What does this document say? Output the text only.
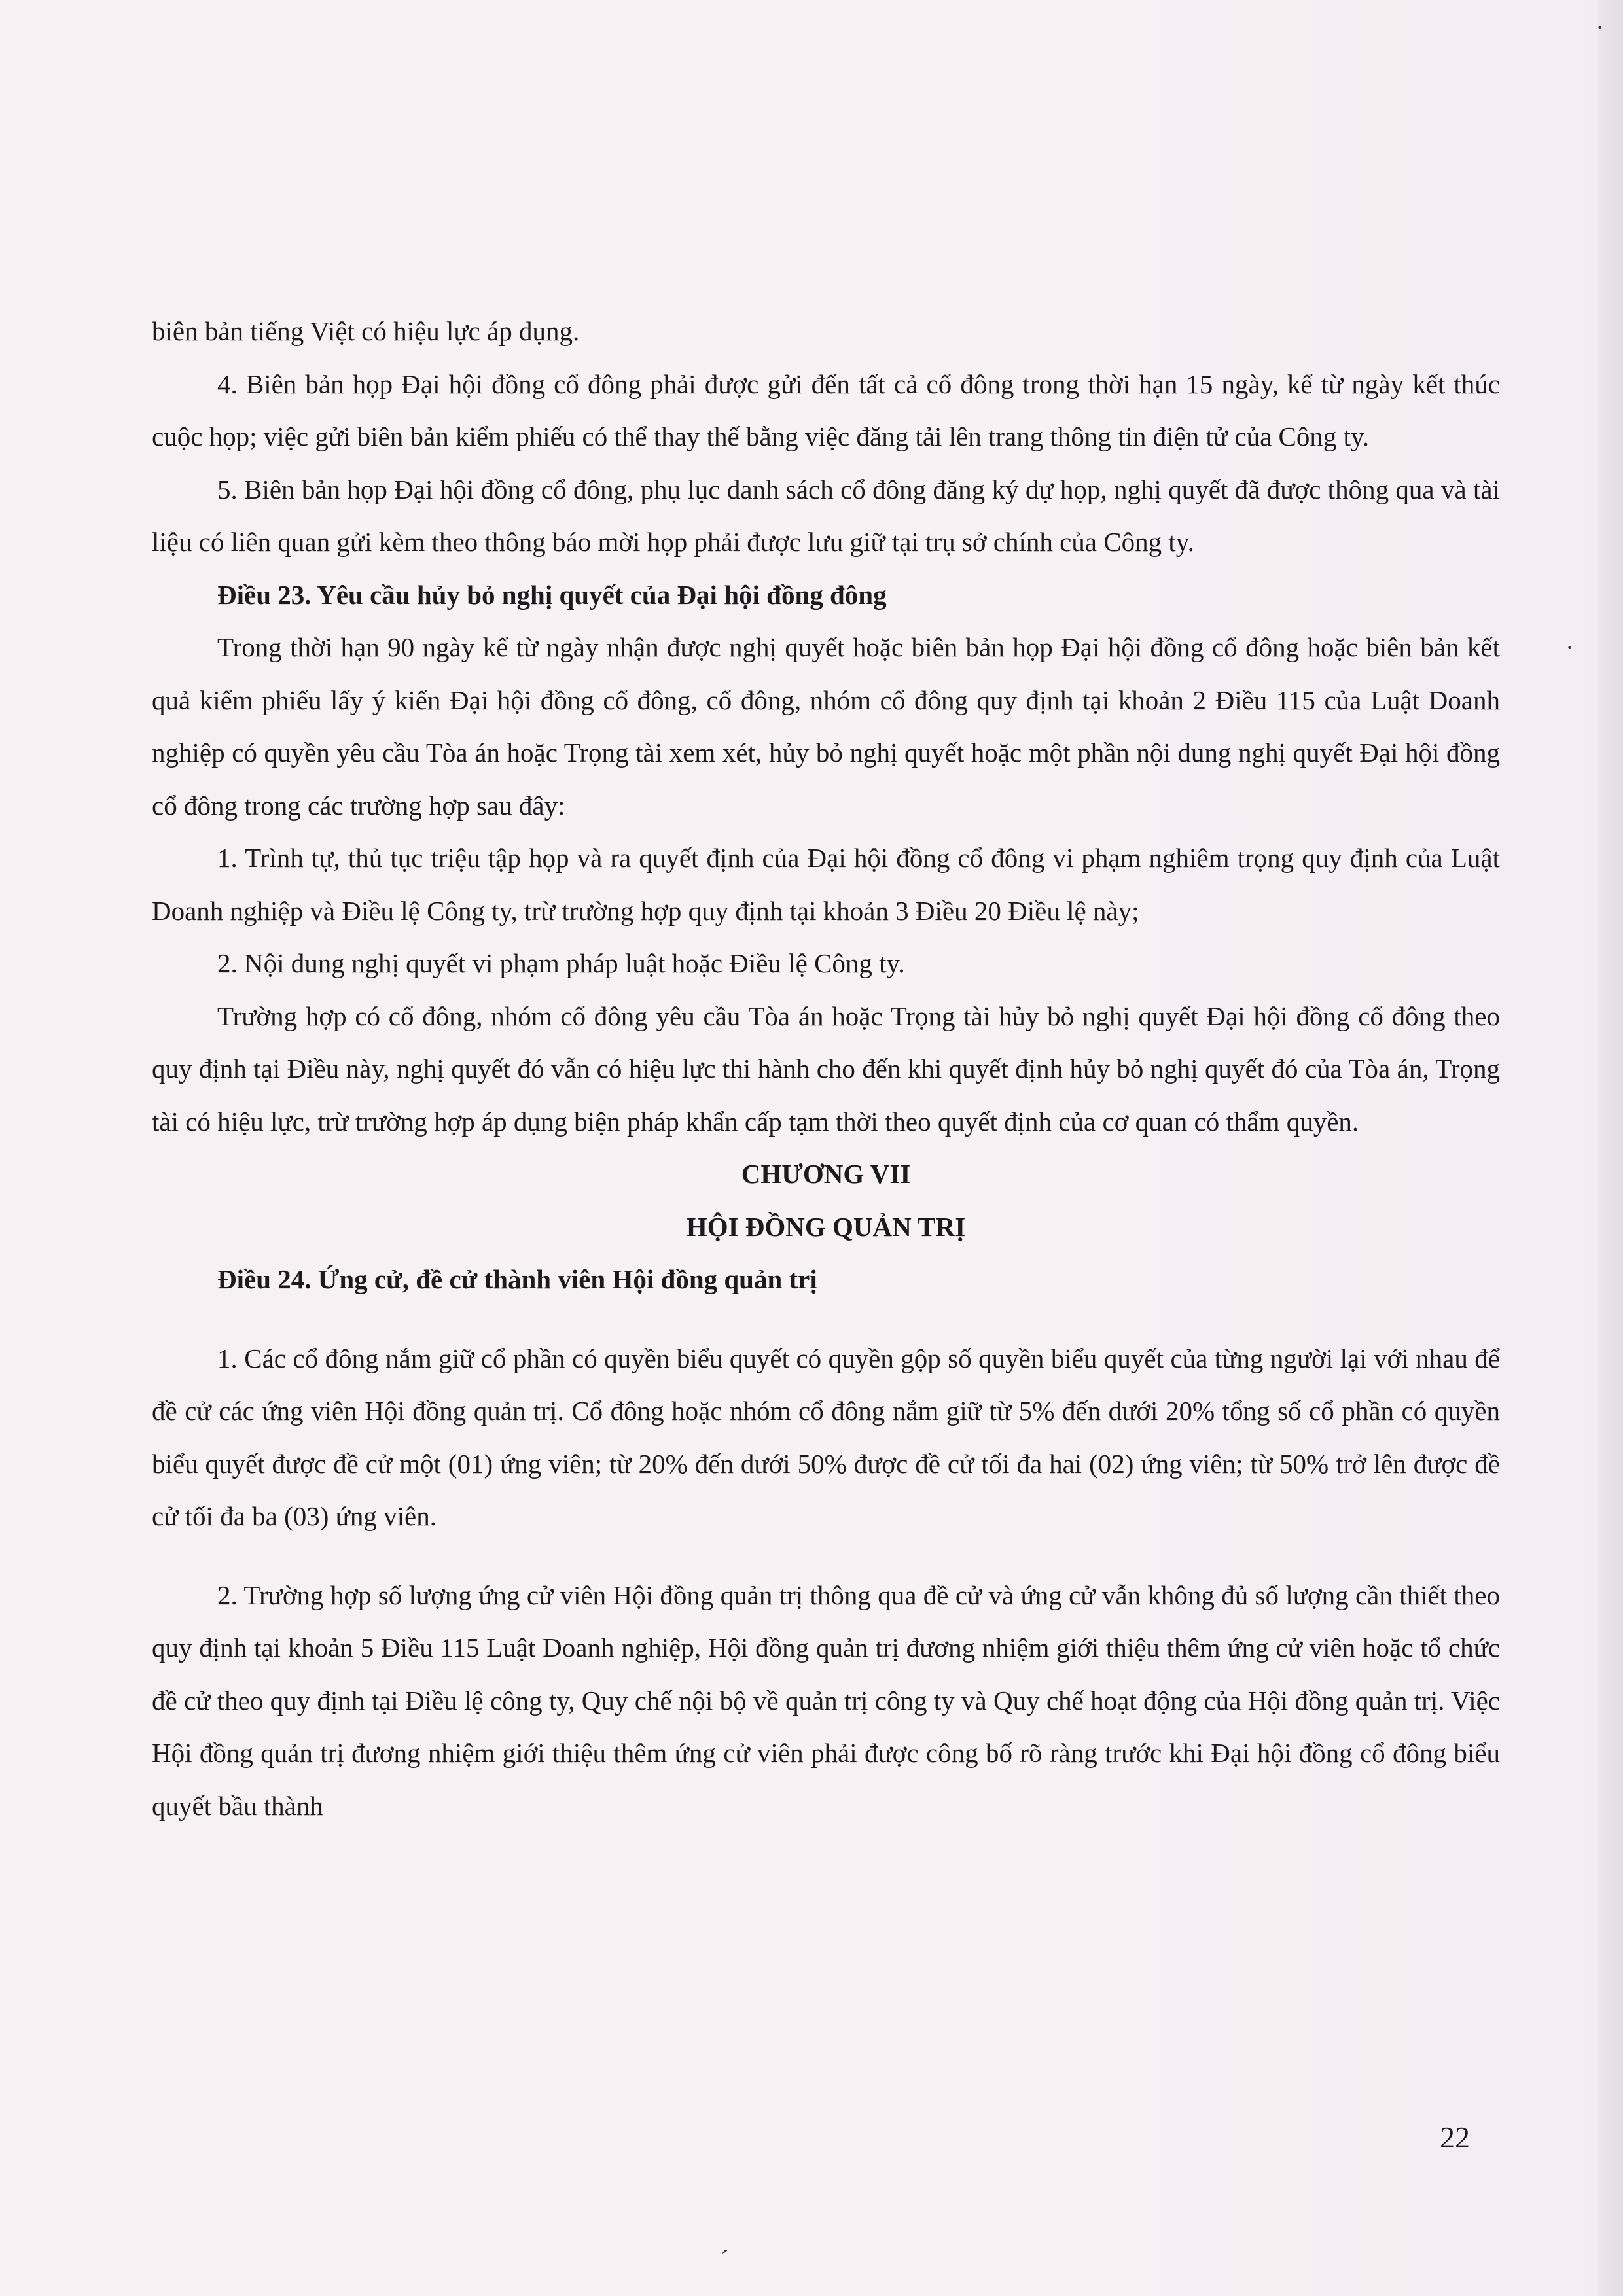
biên bản tiếng Việt có hiệu lực áp dụng.

4. Biên bản họp Đại hội đồng cổ đông phải được gửi đến tất cả cổ đông trong thời hạn 15 ngày, kể từ ngày kết thúc cuộc họp; việc gửi biên bản kiểm phiếu có thể thay thế bằng việc đăng tải lên trang thông tin điện tử của Công ty.

5. Biên bản họp Đại hội đồng cổ đông, phụ lục danh sách cổ đông đăng ký dự họp, nghị quyết đã được thông qua và tài liệu có liên quan gửi kèm theo thông báo mời họp phải được lưu giữ tại trụ sở chính của Công ty.

Điều 23. Yêu cầu hủy bỏ nghị quyết của Đại hội đồng đông

Trong thời hạn 90 ngày kể từ ngày nhận được nghị quyết hoặc biên bản họp Đại hội đồng cổ đông hoặc biên bản kết quả kiểm phiếu lấy ý kiến Đại hội đồng cổ đông, cổ đông, nhóm cổ đông quy định tại khoản 2 Điều 115 của Luật Doanh nghiệp có quyền yêu cầu Tòa án hoặc Trọng tài xem xét, hủy bỏ nghị quyết hoặc một phần nội dung nghị quyết Đại hội đồng cổ đông trong các trường hợp sau đây:

1. Trình tự, thủ tục triệu tập họp và ra quyết định của Đại hội đồng cổ đông vi phạm nghiêm trọng quy định của Luật Doanh nghiệp và Điều lệ Công ty, trừ trường hợp quy định tại khoản 3 Điều 20 Điều lệ này;

2. Nội dung nghị quyết vi phạm pháp luật hoặc Điều lệ Công ty.

Trường hợp có cổ đông, nhóm cổ đông yêu cầu Tòa án hoặc Trọng tài hủy bỏ nghị quyết Đại hội đồng cổ đông theo quy định tại Điều này, nghị quyết đó vẫn có hiệu lực thi hành cho đến khi quyết định hủy bỏ nghị quyết đó của Tòa án, Trọng tài có hiệu lực, trừ trường hợp áp dụng biện pháp khẩn cấp tạm thời theo quyết định của cơ quan có thẩm quyền.

CHƯƠNG VII

HỘI ĐỒNG QUẢN TRỊ

Điều 24. Ứng cử, đề cử thành viên Hội đồng quản trị

1. Các cổ đông nắm giữ cổ phần có quyền biểu quyết có quyền gộp số quyền biểu quyết của từng người lại với nhau để đề cử các ứng viên Hội đồng quản trị. Cổ đông hoặc nhóm cổ đông nắm giữ từ 5% đến dưới 20% tổng số cổ phần có quyền biểu quyết được đề cử một (01) ứng viên; từ 20% đến dưới 50% được đề cử tối đa hai (02) ứng viên; từ 50% trở lên được đề cử tối đa ba (03) ứng viên.

2. Trường hợp số lượng ứng cử viên Hội đồng quản trị thông qua đề cử và ứng cử vẫn không đủ số lượng cần thiết theo quy định tại khoản 5 Điều 115 Luật Doanh nghiệp, Hội đồng quản trị đương nhiệm giới thiệu thêm ứng cử viên hoặc tổ chức đề cử theo quy định tại Điều lệ công ty, Quy chế nội bộ về quản trị công ty và Quy chế hoạt động của Hội đồng quản trị. Việc Hội đồng quản trị đương nhiệm giới thiệu thêm ứng cử viên phải được công bố rõ ràng trước khi Đại hội đồng cổ đông biểu quyết bầu thành

22
·
·
ˊ
